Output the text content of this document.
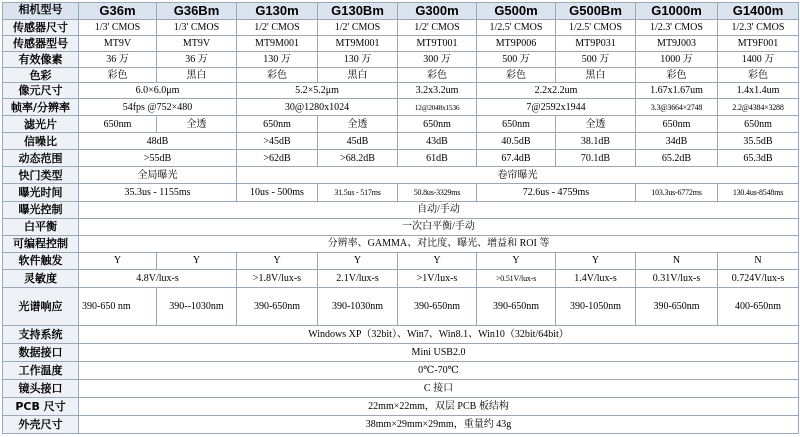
相机型号	G36m	G36Bm	G130m	G130Bm	G300m	G500m	G500Bm	G1000m	G1400m
传感器尺寸	1/3' CMOS	1/3' CMOS	1/2' CMOS	1/2' CMOS	1/2' CMOS	1/2.5' CMOS	1/2.5' CMOS	1/2.3' CMOS	1/2.3' CMOS
传感器型号	MT9V	MT9V	MT9M001	MT9M001	MT9T001	MT9P006	MT9P031	MT9J003	MT9F001
有效像素	36 万	36 万	130 万	130 万	300 万	500 万	500 万	1000 万	1400 万
色彩	彩色	黑白	彩色	黑白	彩色	彩色	黑白	彩色	彩色
像元尺寸	6.0×6.0μm		5.2×5.2μm		3.2x3.2um	2.2x2.2um		1.67x1.67um	1.4x1.4um
帧率/分辨率	54fps @752×480		30@1280x1024		12@2048x1536	7@2592x1944		3.3@3664×2748	2.2@4384×3288
滤光片	650nm	全透	650nm	全透	650nm	650nm	全透	650nm	650nm
信噪比	48dB		>45dB	45dB	43dB	40.5dB	38.1dB	34dB	35.5dB
动态范围	>55dB		>62dB	>68.2dB	61dB	67.4dB	70.1dB	65.2dB	65.3dB
快门类型	全局曝光		卷帘曝光						
曝光时间	35.3us - 1155ms		10us - 500ms	31.5us - 517ms	50.8us-3329ms	72.6us - 4759ms		103.3us-6772ms	130.4us-8548ms
曝光控制	自动/手动								
白平衡	一次白平衡/手动								
可编程控制	分辨率、GAMMA、对比度、曝光、增益和 ROI 等								
软件触发	Y	Y	Y	Y	Y	Y	Y	N	N
灵敏度	4.8V/lux-s		>1.8V/lux-s	2.1V/lux-s	>1V/lux-s	>0.51V/lux-s	1.4V/lux-s	0.31V/lux-s	0.724V/lux-s
光谱响应	390-650 nm	390--1030nm	390-650nm	390-1030nm	390-650nm	390-650nm	390-1050nm	390-650nm	400-650nm
支持系统	Windows XP（32bit）、Win7、Win8.1、Win10（32bit/64bit）								
数据接口	Mini USB2.0								
工作温度	0℃-70℃								
镜头接口	C 接口								
PCB 尺寸	22mm×22mm，双层 PCB 板结构								
外壳尺寸	38mm×29mm×29mm，重量约 43g								
